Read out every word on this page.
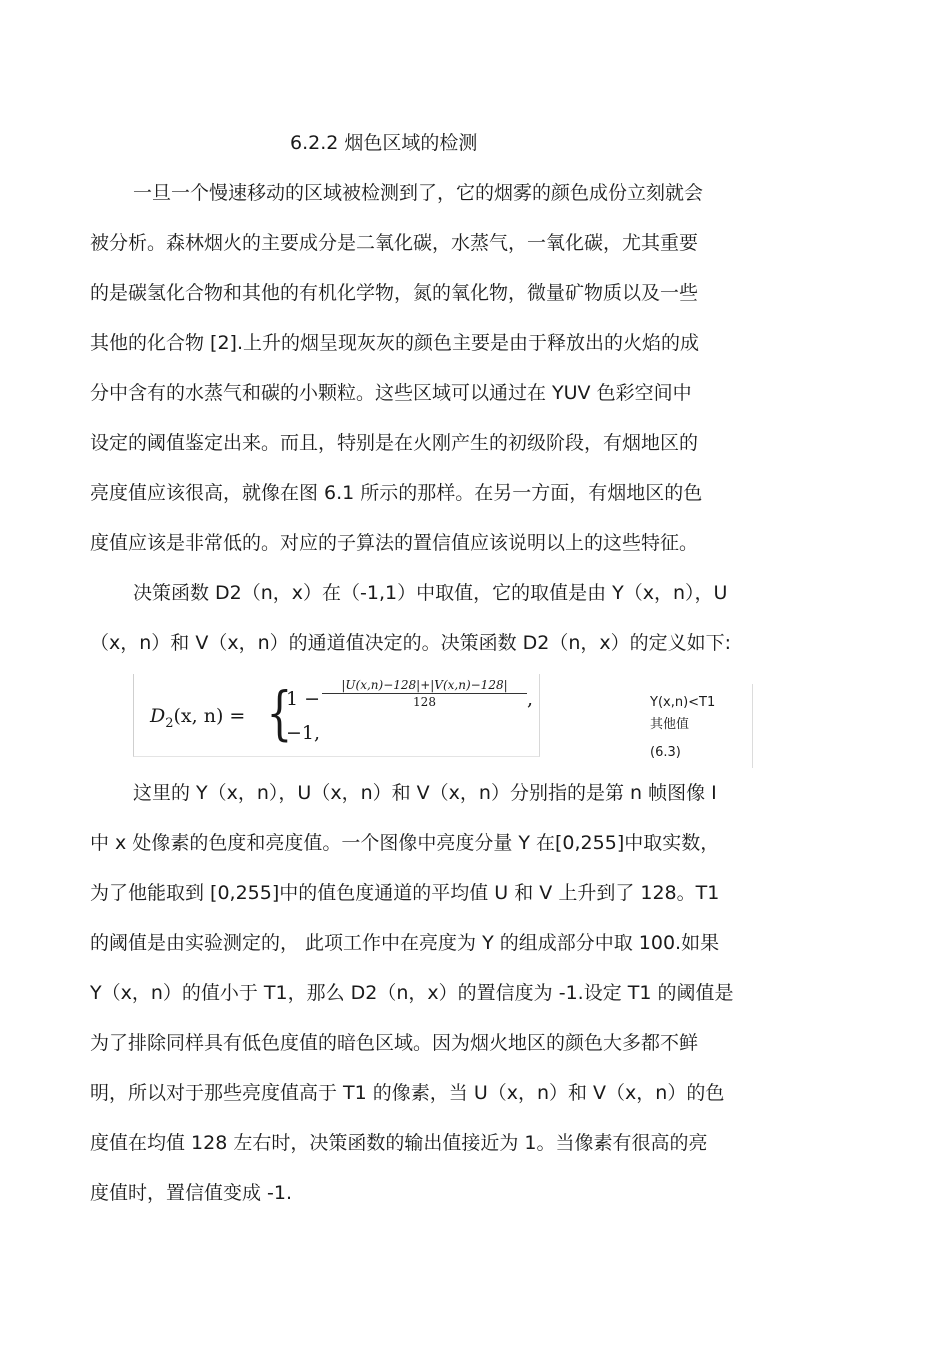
6.2.2 烟色区域的检测
一旦一个慢速移动的区域被检测到了，它的烟雾的颜色成份立刻就会
被分析。森林烟火的主要成分是二氧化碳，水蒸气，一氧化碳，尤其重要
的是碳氢化合物和其他的有机化学物，氮的氧化物，微量矿物质以及一些
其他的化合物 [2].上升的烟呈现灰灰的颜色主要是由于释放出的火焰的成
分中含有的水蒸气和碳的小颗粒。这些区域可以通过在 YUV 色彩空间中
设定的阈值鉴定出来。而且，特别是在火刚产生的初级阶段，有烟地区的
亮度值应该很高，就像在图 6.1 所示的那样。在另一方面，有烟地区的色
度值应该是非常低的。对应的子算法的置信值应该说明以上的这些特征。
决策函数 D2（n，x）在（-1,1）中取值，它的取值是由 Y（x，n），U
（x，n）和 V（x，n）的通道值决定的。决策函数 D2（n，x）的定义如下:
$D_2(x$, n) = {
$1 - \frac{|U(x,n)-128|+|V(x,n)-128|}{128}$ ,
−1,
Y(x,n)<T1
其他值
(6.3)
这里的 Y（x，n），U（x，n）和 V（x，n）分别指的是第 n 帧图像 I
中 x 处像素的色度和亮度值。一个图像中亮度分量 Y 在[0,255]中取实数，
为了他能取到 [0,255]中的值色度通道的平均值 U 和 V 上升到了 128。T1
的阈值是由实验测定的， 此项工作中在亮度为 Y 的组成部分中取 100.如果
Y（x，n）的值小于 T1，那么 D2（n，x）的置信度为 -1.设定 T1 的阈值是
为了排除同样具有低色度值的暗色区域。因为烟火地区的颜色大多都不鲜
明，所以对于那些亮度值高于 T1 的像素，当 U（x，n）和 V（x，n）的色
度值在均值 128 左右时，决策函数的输出值接近为 1。当像素有很高的亮
度值时，置信值变成 -1.
